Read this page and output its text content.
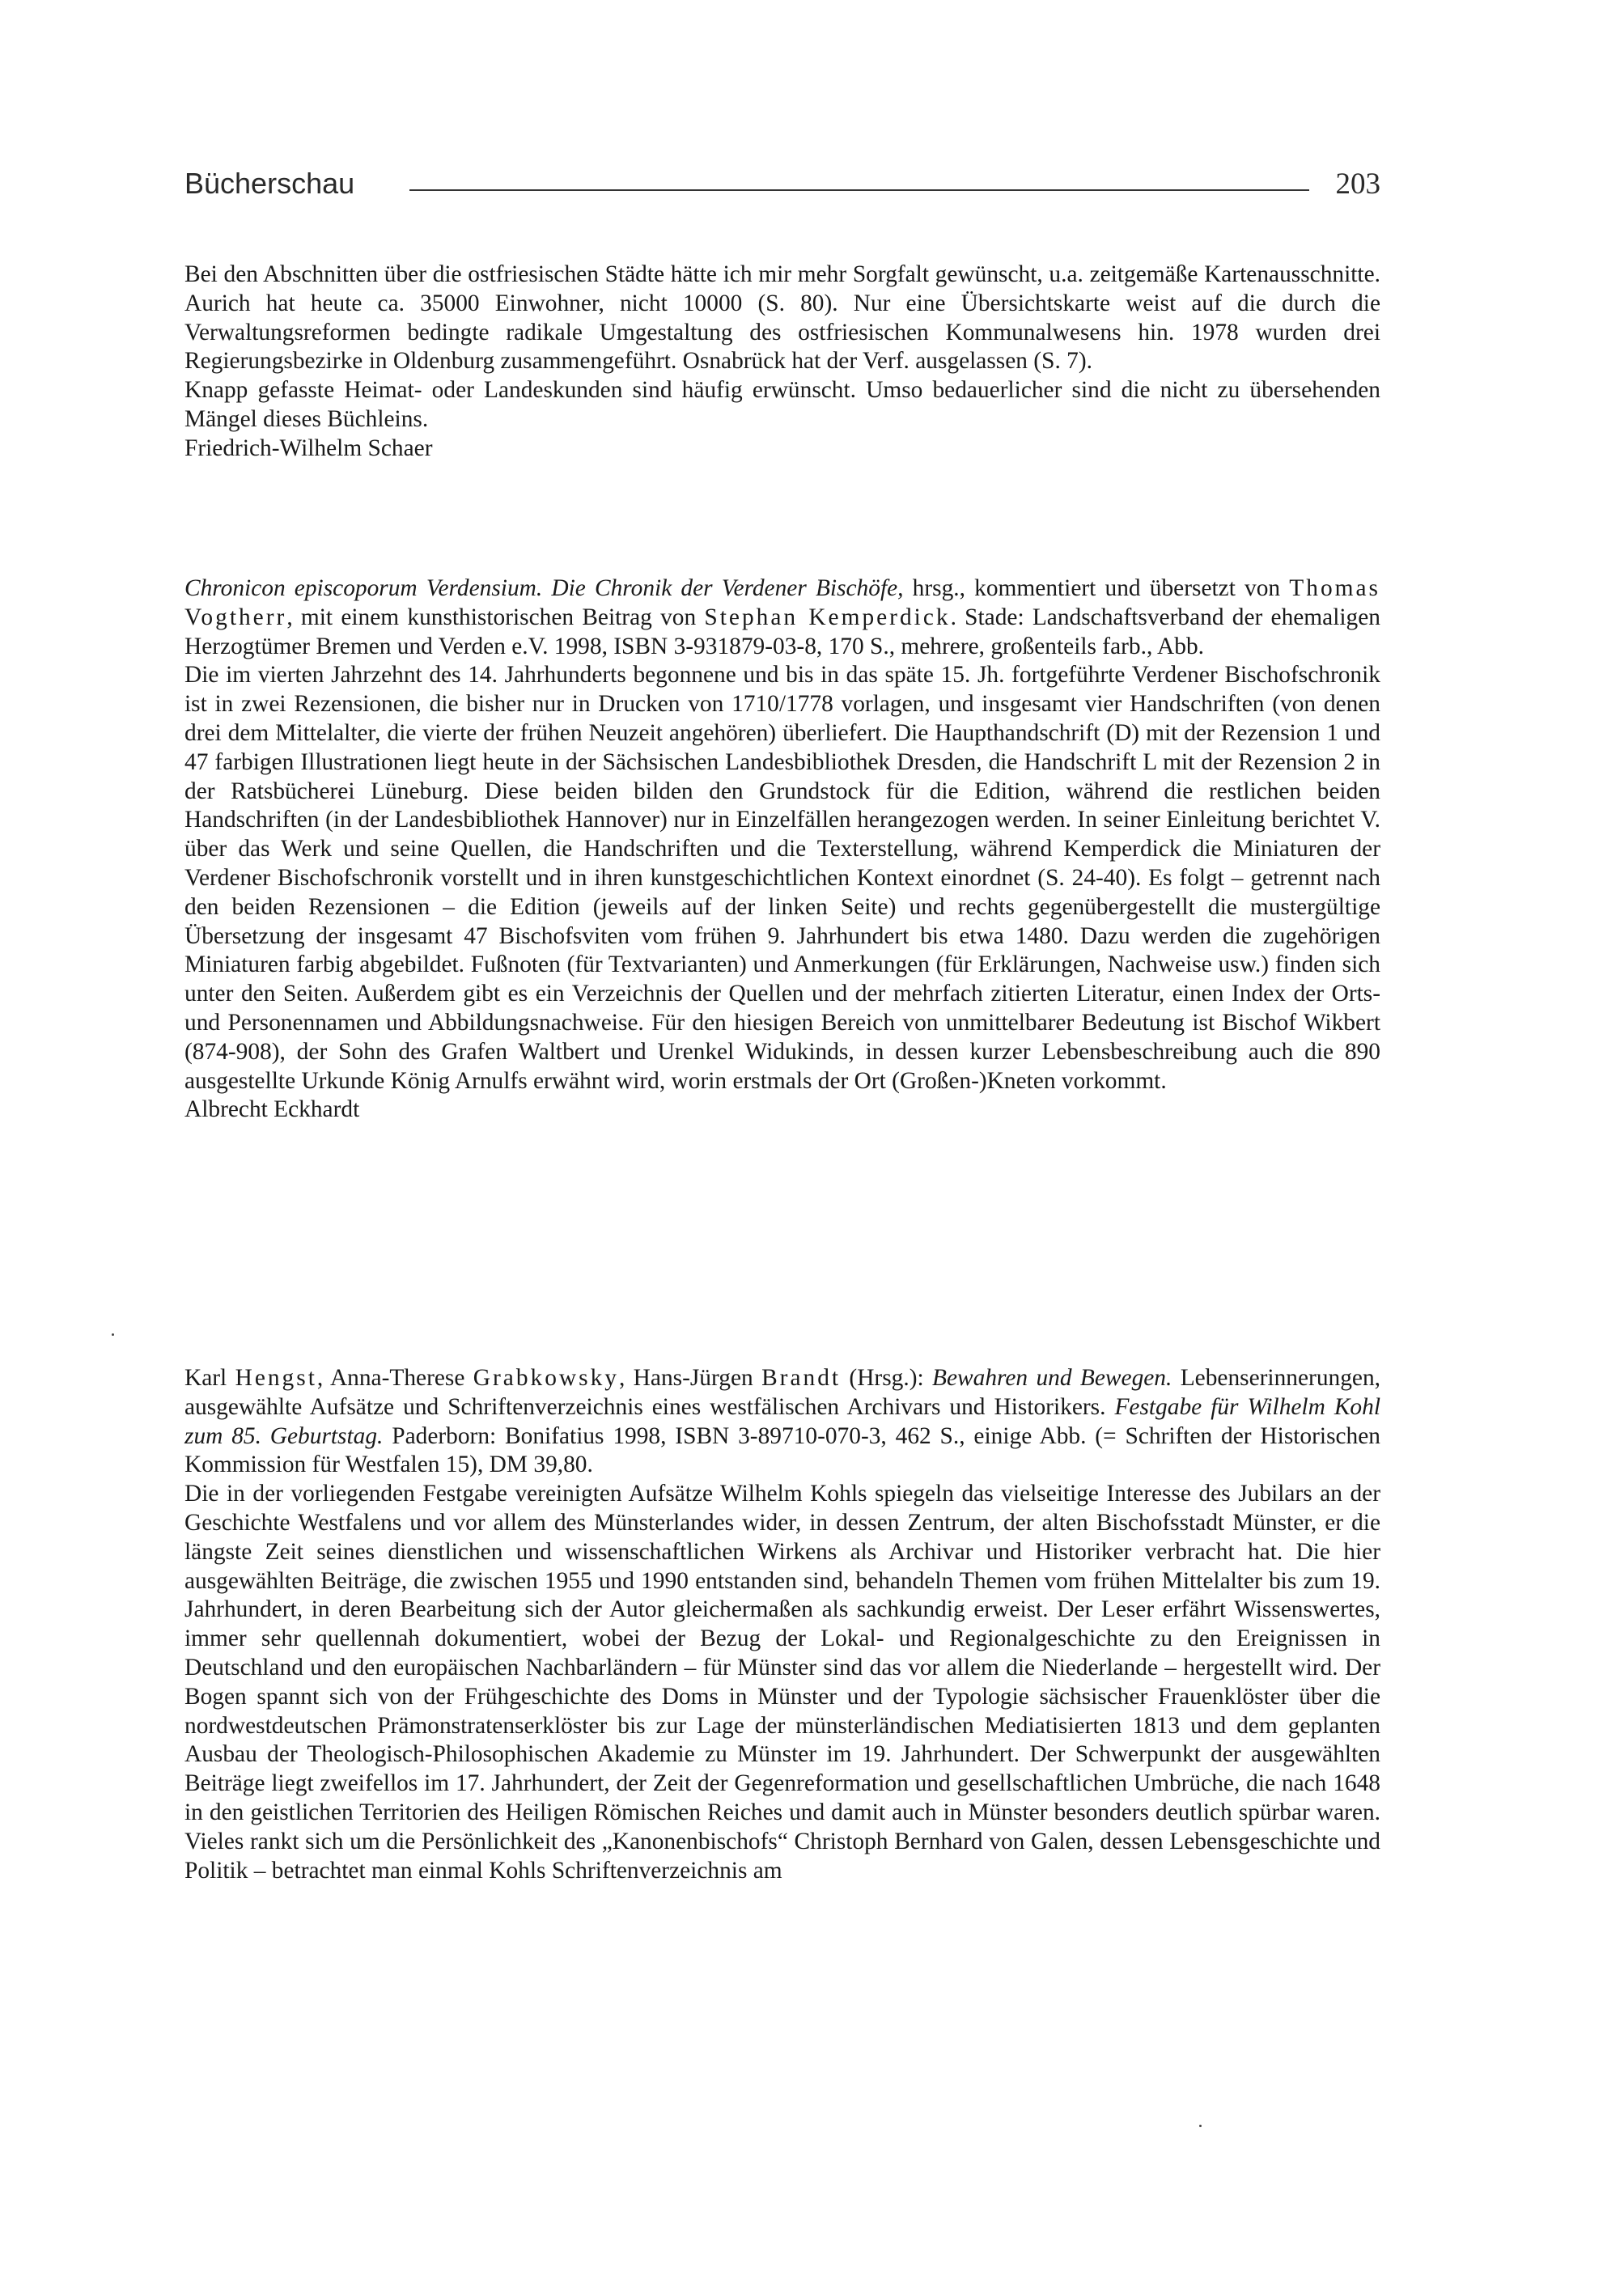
Bücherschau	203

Bei den Abschnitten über die ostfriesischen Städte hätte ich mir mehr Sorgfalt gewünscht, u.a. zeitgemäße Kartenausschnitte. Aurich hat heute ca. 35000 Einwohner, nicht 10000 (S. 80). Nur eine Übersichtskarte weist auf die durch die Verwaltungsreformen bedingte radikale Umgestaltung des ostfriesischen Kommunalwesens hin. 1978 wurden drei Regierungsbezirke in Oldenburg zusammengeführt. Osnabrück hat der Verf. ausgelassen (S. 7).

Knapp gefasste Heimat- oder Landeskunden sind häufig erwünscht. Umso bedauerlicher sind die nicht zu übersehenden Mängel dieses Büchleins.

Friedrich-Wilhelm Schaer

Chronicon episcoporum Verdensium. Die Chronik der Verdener Bischöfe, hrsg., kommentiert und übersetzt von Thomas Vogtherr, mit einem kunsthistorischen Beitrag von Stephan Kemperdick. Stade: Landschaftsverband der ehemaligen Herzogtümer Bremen und Verden e.V. 1998, ISBN 3-931879-03-8, 170 S., mehrere, großenteils farb., Abb.

Die im vierten Jahrzehnt des 14. Jahrhunderts begonnene und bis in das späte 15. Jh. fortgeführte Verdener Bischofschronik ist in zwei Rezensionen, die bisher nur in Drucken von 1710/1778 vorlagen, und insgesamt vier Handschriften (von denen drei dem Mittelalter, die vierte der frühen Neuzeit angehören) überliefert. Die Haupthandschrift (D) mit der Rezension 1 und 47 farbigen Illustrationen liegt heute in der Sächsischen Landesbibliothek Dresden, die Handschrift L mit der Rezension 2 in der Ratsbücherei Lüneburg. Diese beiden bilden den Grundstock für die Edition, während die restlichen beiden Handschriften (in der Landesbibliothek Hannover) nur in Einzelfällen herangezogen werden. In seiner Einleitung berichtet V. über das Werk und seine Quellen, die Handschriften und die Texterstellung, während Kemperdick die Miniaturen der Verdener Bischofschronik vorstellt und in ihren kunstgeschichtlichen Kontext einordnet (S. 24-40). Es folgt – getrennt nach den beiden Rezensionen – die Edition (jeweils auf der linken Seite) und rechts gegenübergestellt die mustergültige Übersetzung der insgesamt 47 Bischofsviten vom frühen 9. Jahrhundert bis etwa 1480. Dazu werden die zugehörigen Miniaturen farbig abgebildet. Fußnoten (für Textvarianten) und Anmerkungen (für Erklärungen, Nachweise usw.) finden sich unter den Seiten. Außerdem gibt es ein Verzeichnis der Quellen und der mehrfach zitierten Literatur, einen Index der Orts- und Personennamen und Abbildungsnachweise. Für den hiesigen Bereich von unmittelbarer Bedeutung ist Bischof Wikbert (874-908), der Sohn des Grafen Waltbert und Urenkel Widukinds, in dessen kurzer Lebensbeschreibung auch die 890 ausgestellte Urkunde König Arnulfs erwähnt wird, worin erstmals der Ort (Großen-)Kneten vorkommt.

Albrecht Eckhardt

Karl Hengst, Anna-Therese Grabkowsky, Hans-Jürgen Brandt (Hrsg.): Bewahren und Bewegen. Lebenserinnerungen, ausgewählte Aufsätze und Schriftenverzeichnis eines westfälischen Archivars und Historikers. Festgabe für Wilhelm Kohl zum 85. Geburtstag. Paderborn: Bonifatius 1998, ISBN 3-89710-070-3, 462 S., einige Abb. (= Schriften der Historischen Kommission für Westfalen 15), DM 39,80.

Die in der vorliegenden Festgabe vereinigten Aufsätze Wilhelm Kohls spiegeln das vielseitige Interesse des Jubilars an der Geschichte Westfalens und vor allem des Münsterlandes wider, in dessen Zentrum, der alten Bischofsstadt Münster, er die längste Zeit seines dienstlichen und wissenschaftlichen Wirkens als Archivar und Historiker verbracht hat. Die hier ausgewählten Beiträge, die zwischen 1955 und 1990 entstanden sind, behandeln Themen vom frühen Mittelalter bis zum 19. Jahrhundert, in deren Bearbeitung sich der Autor gleichermaßen als sachkundig erweist. Der Leser erfährt Wissenswertes, immer sehr quellennah dokumentiert, wobei der Bezug der Lokal- und Regionalgeschichte zu den Ereignissen in Deutschland und den europäischen Nachbarländern – für Münster sind das vor allem die Niederlande – hergestellt wird. Der Bogen spannt sich von der Frühgeschichte des Doms in Münster und der Typologie sächsischer Frauenklöster über die nordwestdeutschen Prämonstratenserklöster bis zur Lage der münsterländischen Mediatisierten 1813 und dem geplanten Ausbau der Theologisch-Philosophischen Akademie zu Münster im 19. Jahrhundert. Der Schwerpunkt der ausgewählten Beiträge liegt zweifellos im 17. Jahrhundert, der Zeit der Gegenreformation und gesellschaftlichen Umbrüche, die nach 1648 in den geistlichen Territorien des Heiligen Römischen Reiches und damit auch in Münster besonders deutlich spürbar waren. Vieles rankt sich um die Persönlichkeit des „Kanonenbischofs“ Christoph Bernhard von Galen, dessen Lebensgeschichte und Politik – betrachtet man einmal Kohls Schriftenverzeichnis am
